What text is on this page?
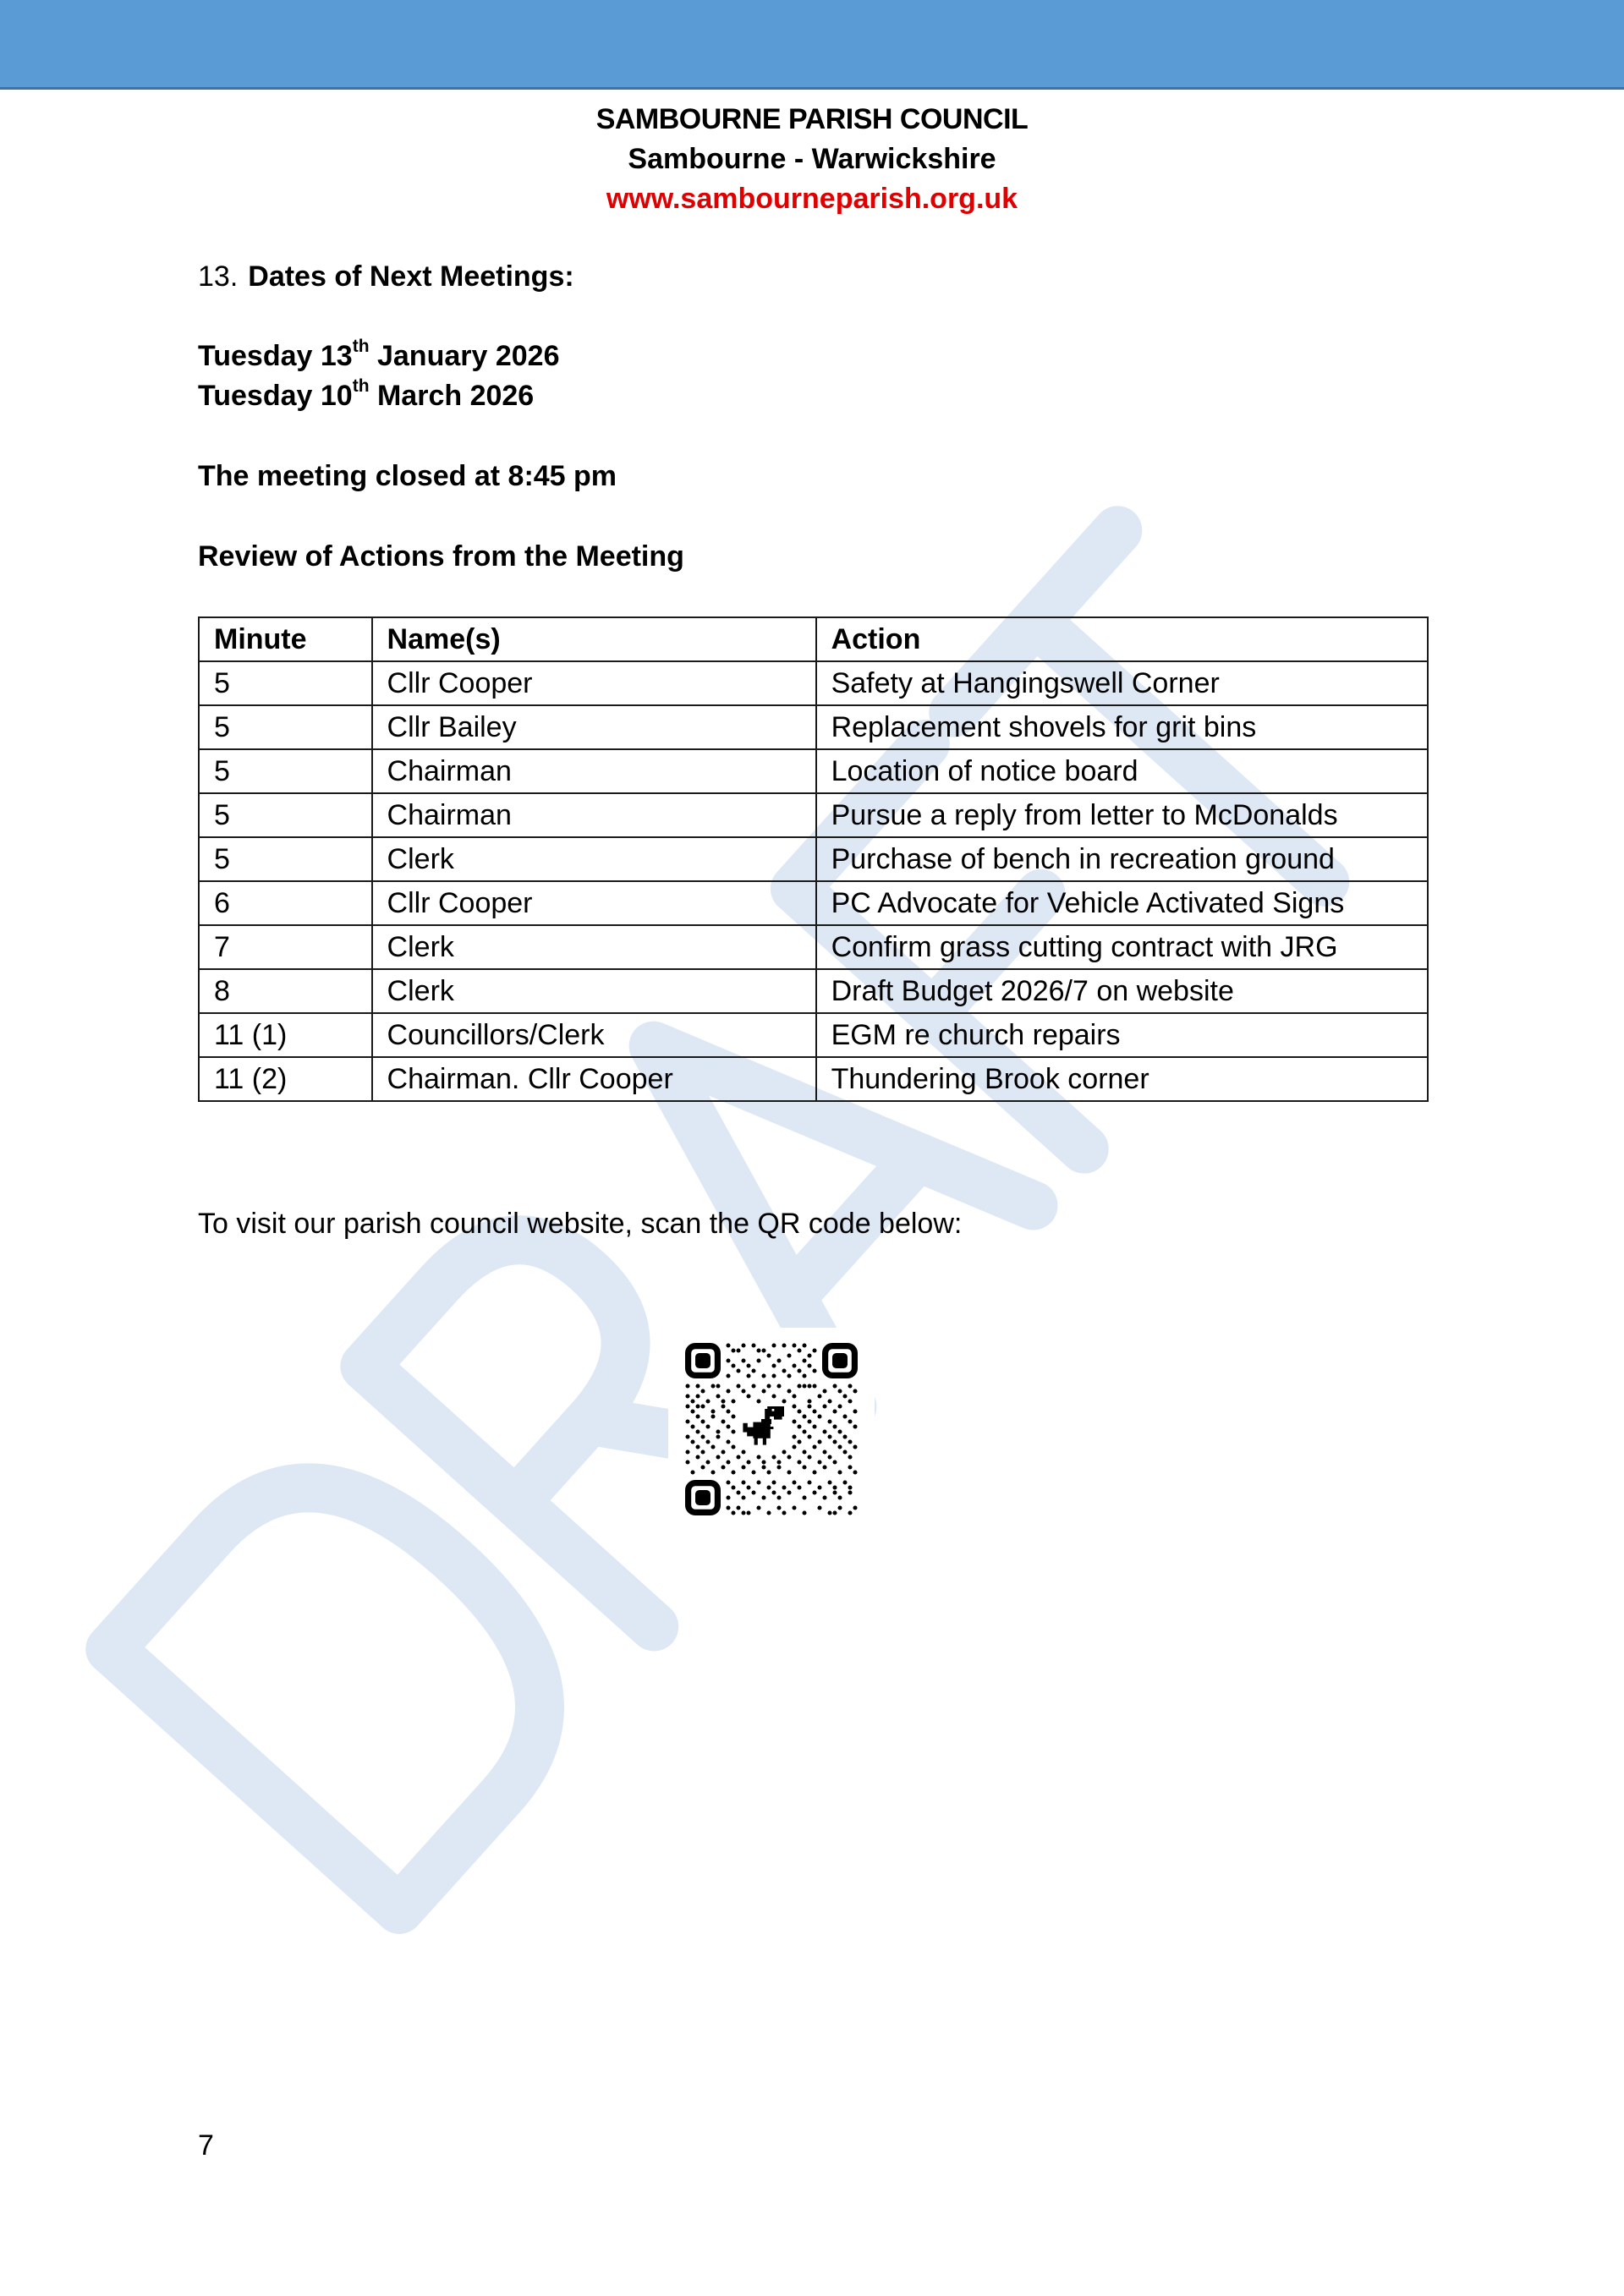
SAMBOURNE PARISH COUNCIL
Sambourne - Warwickshire
www.sambourneparish.org.uk
13. Dates of Next Meetings:
Tuesday 13th January 2026
Tuesday 10th March 2026
The meeting closed at 8:45 pm
Review of Actions from the Meeting
Minute	Name(s)	Action
5	Cllr Cooper	Safety at Hangingswell Corner
5	Cllr Bailey	Replacement shovels for grit bins
5	Chairman	Location of notice board
5	Chairman	Pursue a reply from letter to McDonalds
5	Clerk	Purchase of bench in recreation ground
6	Cllr Cooper	PC Advocate for Vehicle Activated Signs
7	Clerk	Confirm grass cutting contract with JRG
8	Clerk	Draft Budget 2026/7 on website
11 (1)	Councillors/Clerk	EGM re church repairs
11 (2)	Chairman. Cllr Cooper	Thundering Brook corner
To visit our parish council website, scan the QR code below:
7
